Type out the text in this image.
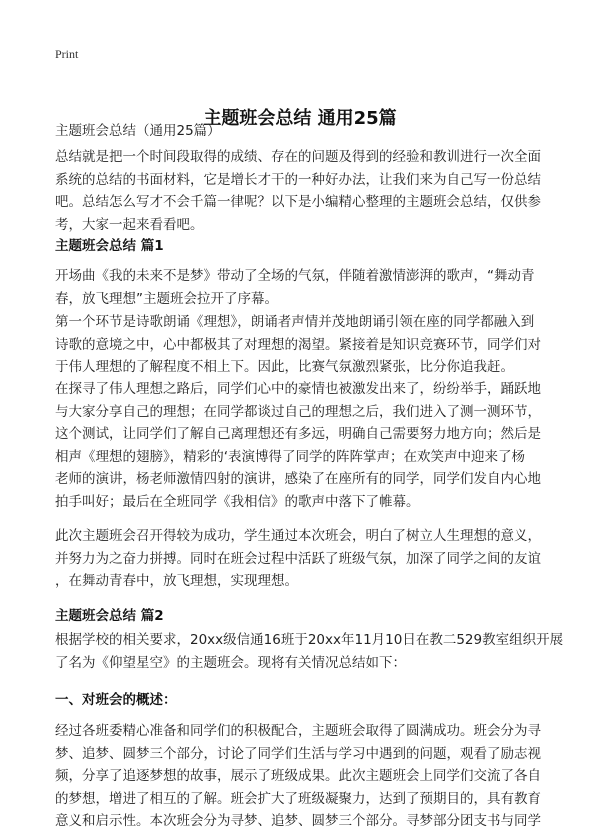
Print
主题班会总结 通用25篇
主题班会总结（通用25篇）
总结就是把一个时间段取得的成绩、存在的问题及得到的经验和教训进行一次全面
系统的总结的书面材料，它是增长才干的一种好办法，让我们来为自己写一份总结
吧。总结怎么写才不会千篇一律呢？以下是小编精心整理的主题班会总结，仅供参
考，大家一起来看看吧。
主题班会总结 篇1
开场曲《我的未来不是梦》带动了全场的气氛，伴随着激情澎湃的歌声，“舞动青
春，放飞理想”主题班会拉开了序幕。
第一个环节是诗歌朗诵《理想》，朗诵者声情并茂地朗诵引领在座的同学都融入到
诗歌的意境之中，心中都极其了对理想的渴望。紧接着是知识竞赛环节，同学们对
于伟人理想的了解程度不相上下。因此，比赛气氛激烈紧张，比分你追我赶。
在探寻了伟人理想之路后，同学们心中的豪情也被激发出来了，纷纷举手，踊跃地
与大家分享自己的理想；在同学都谈过自己的理想之后，我们进入了测一测环节，
这个测试，让同学们了解自己离理想还有多远，明确自己需要努力地方向；然后是
相声《理想的翅膀》，精彩的‘表演博得了同学的阵阵掌声；在欢笑声中迎来了杨
老师的演讲，杨老师激情四射的演讲，感染了在座所有的同学，同学们发自内心地
拍手叫好；最后在全班同学《我相信》的歌声中落下了帷幕。
此次主题班会召开得较为成功，学生通过本次班会，明白了树立人生理想的意义，
并努力为之奋力拼搏。同时在班会过程中活跃了班级气氛，加深了同学之间的友谊
，在舞动青春中，放飞理想，实现理想。
主题班会总结 篇2
根据学校的相关要求，20xx级信通16班于20xx年11月10日在教二529教室组织开展
了名为《仰望星空》的主题班会。现将有关情况总结如下：
一、对班会的概述：
经过各班委精心准备和同学们的积极配合，主题班会取得了圆满成功。班会分为寻
梦、追梦、圆梦三个部分，讨论了同学们生活与学习中遇到的问题，观看了励志视
频，分享了追逐梦想的故事，展示了班级成果。此次主题班会上同学们交流了各自
的梦想，增进了相互的了解。班会扩大了班级凝聚力，达到了预期目的，具有教育
意义和启示性。本次班会分为寻梦、追梦、圆梦三个部分。寻梦部分团支书与同学
